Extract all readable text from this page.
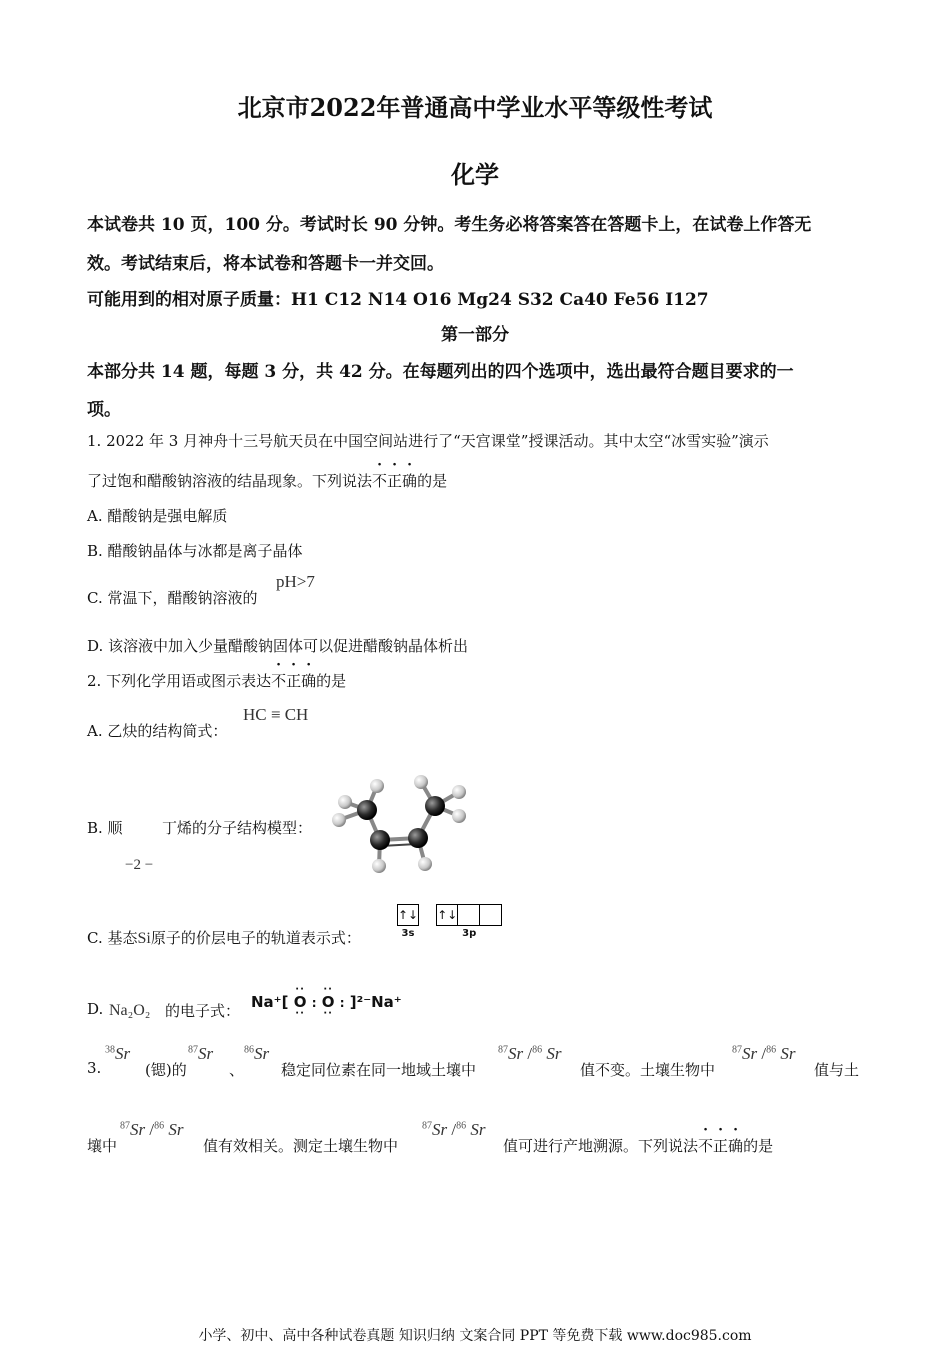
北京市2022年普通高中学业水平等级性考试
化学
本试卷共 10 页，100 分。考试时长 90 分钟。考生务必将答案答在答题卡上，在试卷上作答无
效。考试结束后，将本试卷和答题卡一并交回。
可能用到的相对原子质量：H1 C12 N14 O16 Mg24 S32 Ca40 Fe56 I127
第一部分
本部分共 14 题，每题 3 分，共 42 分。在每题列出的四个选项中，选出最符合题目要求的一
项。
1. 2022 年 3 月神舟十三号航天员在中国空间站进行了“天宫课堂”授课活动。其中太空“冰雪实验”演示
了过饱和醋酸钠溶液的结晶现象。下列说法不正确的是
A. 醋酸钠是强电解质
B. 醋酸钠晶体与冰都是离子晶体
C. 常温下，醋酸钠溶液的
pH>7
D. 该溶液中加入少量醋酸钠固体可以促进醋酸钠晶体析出
2. 下列化学用语或图示表达不正确的是
A. 乙炔的结构简式：
HC ≡ CH
B. 顺	丁烯的分子结构模型：
−2 −
C. 基态Si原子的价层电子的轨道表示式：
↑↓
3s
↑↓
3p
D. Na₂O₂ 的电子式： Na⁺[
··
O
··
:
··
O
··
: ]²⁻Na⁺
3.
$^{38}$Sr
(锶)的
$^{87}$Sr
、
$^{86}$Sr
稳定同位素在同一地域土壤中
$^{87}$Sr /$^{86}$ Sr
值不变。土壤生物中
$^{87}$Sr /$^{86}$ Sr
值与土
壤中
$^{87}$Sr /$^{86}$ Sr
值有效相关。测定土壤生物中
$^{87}$Sr /$^{86}$ Sr
值可进行产地溯源。下列说法不正确的是
小学、初中、高中各种试卷真题 知识归纳 文案合同 PPT 等免费下载 www.doc985.com
